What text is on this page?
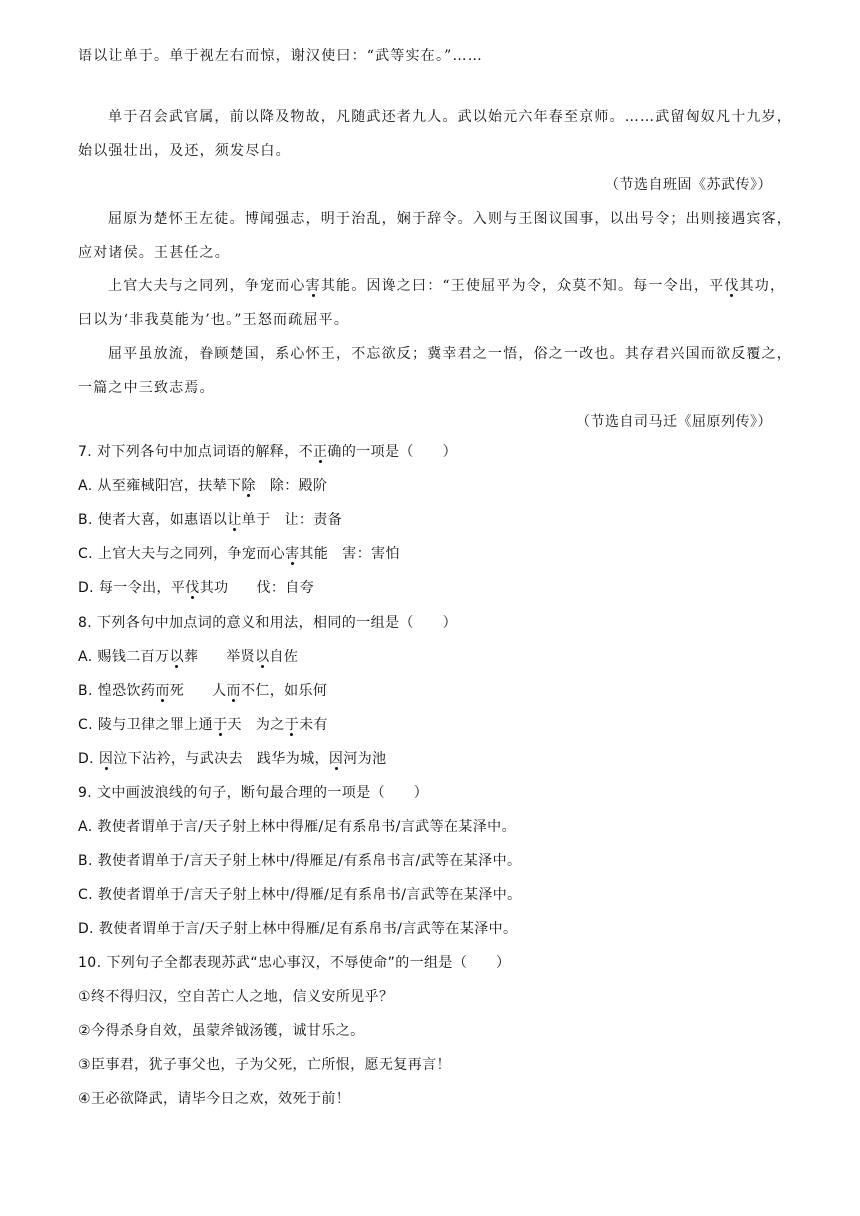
语以让单于。单于视左右而惊，谢汉使曰：“武等实在。”……
单于召会武官属，前以降及物故，凡随武还者九人。武以始元六年春至京师。……武留匈奴凡十九岁，
始以强壮出，及还，须发尽白。
（节选自班固《苏武传》）
屈原为楚怀王左徒。博闻强志，明于治乱，娴于辞令。入则与王图议国事，以出号令；出则接遇宾客，
应对诸侯。王甚任之。
上官大夫与之同列，争宠而心害其能。因谗之曰：“王使屈平为令，众莫不知。每一令出，平伐其功，
曰以为‘非我莫能为’也。”王怒而疏屈平。
屈平虽放流，眷顾楚国，系心怀王，不忘欲反；冀幸君之一悟，俗之一改也。其存君兴国而欲反覆之，
一篇之中三致志焉。
（节选自司马迁《屈原列传》）
7. 对下列各句中加点词语的解释，不正确的一项是（　　）
A. 从至雍棫阳宫，扶辇下除 除：殿阶
B. 使者大喜，如惠语以让单于 让：责备
C. 上官大夫与之同列，争宠而心害其能 害：害怕
D. 每一令出，平伐其功 伐：自夸
8. 下列各句中加点词的意义和用法，相同的一组是（　　）
A. 赐钱二百万以葬 举贤以自佐
B. 惶恐饮药而死 人而不仁，如乐何
C. 陵与卫律之罪上通于天 为之于未有
D. 因泣下沾衿，与武决去 践华为城，因河为池
9. 文中画波浪线的句子，断句最合理的一项是（　　）
A. 教使者谓单于言/天子射上林中得雁/足有系帛书/言武等在某泽中。
B. 教使者谓单于/言天子射上林中/得雁足/有系帛书言/武等在某泽中。
C. 教使者谓单于/言天子射上林中/得雁/足有系帛书/言武等在某泽中。
D. 教使者谓单于言/天子射上林中得雁/足有系帛书/言武等在某泽中。
10. 下列句子全都表现苏武“忠心事汉，不辱使命”的一组是（　　）
①终不得归汉，空自苦亡人之地，信义安所见乎？
②今得杀身自效，虽蒙斧钺汤镬，诚甘乐之。
③臣事君，犹子事父也，子为父死，亡所恨，愿无复再言！
④王必欲降武，请毕今日之欢，效死于前！
